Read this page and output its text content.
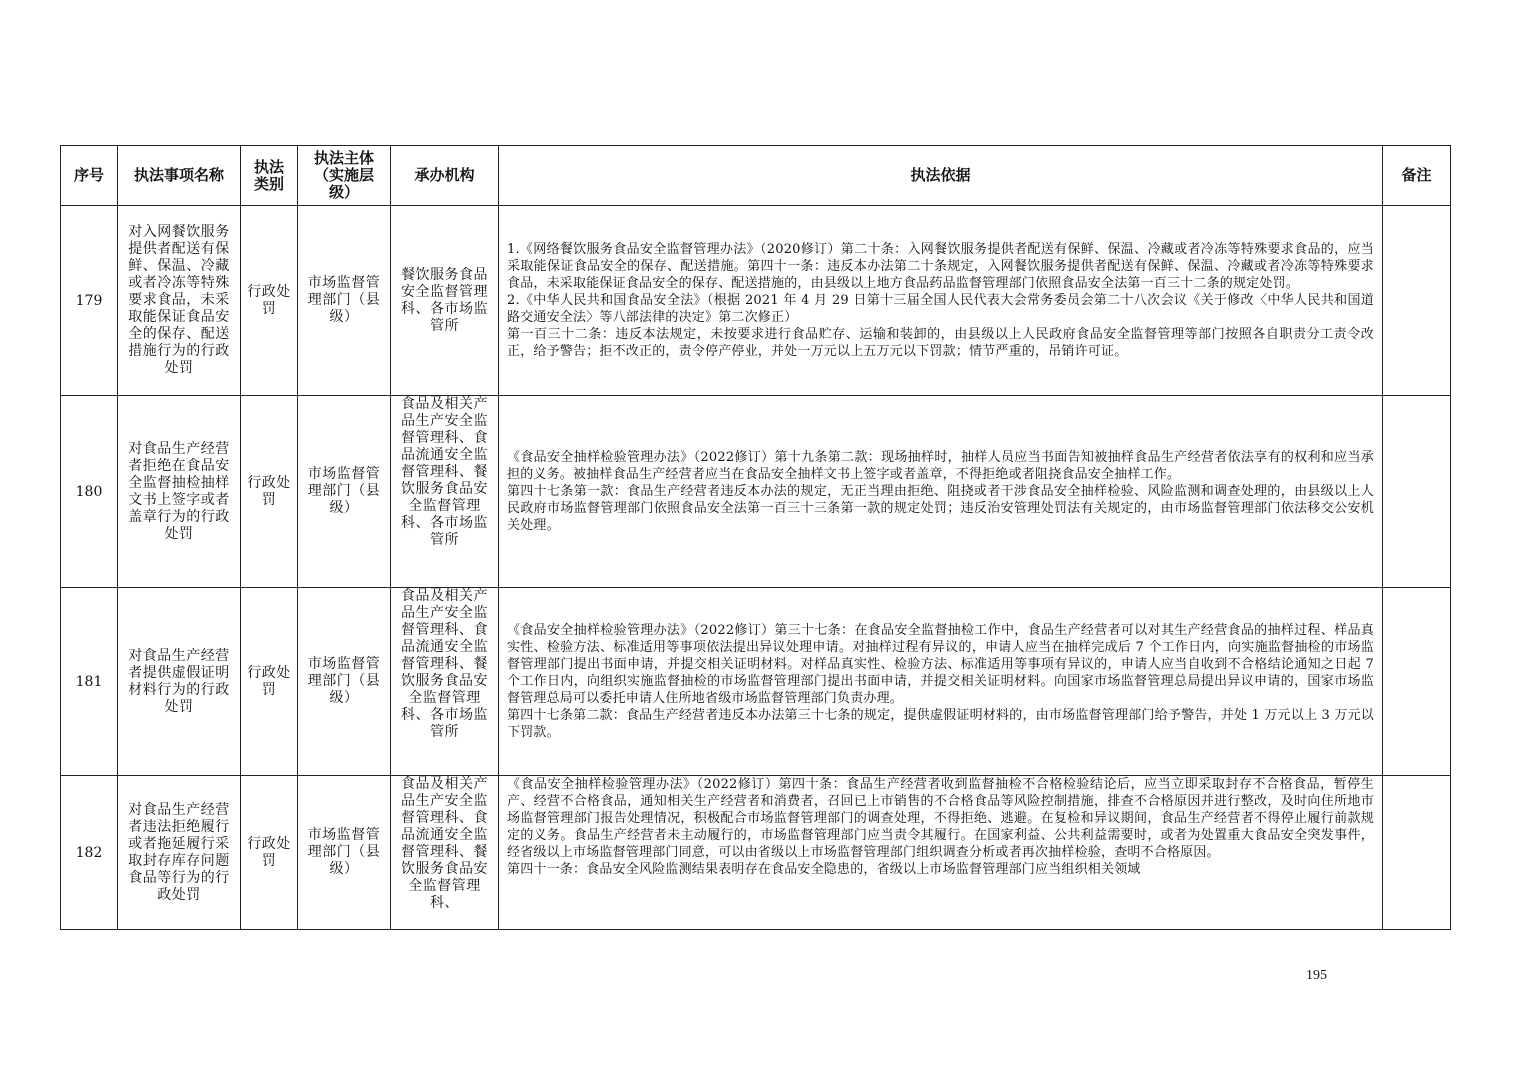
序号	执法事项名称	执法类别	执法主体（实施层级）	承办机构	执法依据	备注

179	对入网餐饮服务提供者配送有保鲜、保温、冷藏或者冷冻等特殊要求食品，未采取能保证食品安全的保存、配送措施行为的行政处罚	行政处罚	市场监督管理部门（县级）	餐饮服务食品安全监督管理科、各市场监管所	1.《网络餐饮服务食品安全监督管理办法》（2020修订）第二十条：入网餐饮服务提供者配送有保鲜、保温、冷藏或者冷冻等特殊要求食品的，应当采取能保证食品安全的保存、配送措施。第四十一条：违反本办法第二十条规定，入网餐饮服务提供者配送有保鲜、保温、冷藏或者冷冻等特殊要求食品，未采取能保证食品安全的保存、配送措施的，由县级以上地方食品药品监督管理部门依照食品安全法第一百三十二条的规定处罚。

2.《中华人民共和国食品安全法》（根据 2021 年 4 月 29 日第十三届全国人民代表大会常务委员会第二十八次会议《关于修改〈中华人民共和国道路交通安全法〉等八部法律的决定》第二次修正）

第一百三十二条：违反本法规定，未按要求进行食品贮存、运输和装卸的，由县级以上人民政府食品安全监督管理等部门按照各自职责分工责令改正，给予警告；拒不改正的，责令停产停业，并处一万元以上五万元以下罚款；情节严重的，吊销许可证。	

180	对食品生产经营者拒绝在食品安全监督抽检抽样文书上签字或者盖章行为的行政处罚	行政处罚	市场监督管理部门（县级）	食品及相关产品生产安全监督管理科、食品流通安全监督管理科、餐饮服务食品安全监督管理科、各市场监管所	《食品安全抽样检验管理办法》（2022修订）第十九条第二款：现场抽样时，抽样人员应当书面告知被抽样食品生产经营者依法享有的权利和应当承担的义务。被抽样食品生产经营者应当在食品安全抽样文书上签字或者盖章，不得拒绝或者阻挠食品安全抽样工作。

第四十七条第一款：食品生产经营者违反本办法的规定，无正当理由拒绝、阻挠或者干涉食品安全抽样检验、风险监测和调查处理的，由县级以上人民政府市场监督管理部门依照食品安全法第一百三十三条第一款的规定处罚；违反治安管理处罚法有关规定的，由市场监督管理部门依法移交公安机关处理。	

181	对食品生产经营者提供虚假证明材料行为的行政处罚	行政处罚	市场监督管理部门（县级）	食品及相关产品生产安全监督管理科、食品流通安全监督管理科、餐饮服务食品安全监督管理科、各市场监管所	《食品安全抽样检验管理办法》（2022修订）第三十七条：在食品安全监督抽检工作中，食品生产经营者可以对其生产经营食品的抽样过程、样品真实性、检验方法、标准适用等事项依法提出异议处理申请。对抽样过程有异议的，申请人应当在抽样完成后 7 个工作日内，向实施监督抽检的市场监督管理部门提出书面申请，并提交相关证明材料。对样品真实性、检验方法、标准适用等事项有异议的，申请人应当自收到不合格结论通知之日起 7 个工作日内，向组织实施监督抽检的市场监督管理部门提出书面申请，并提交相关证明材料。向国家市场监督管理总局提出异议申请的，国家市场监督管理总局可以委托申请人住所地省级市场监督管理部门负责办理。

第四十七条第二款：食品生产经营者违反本办法第三十七条的规定，提供虚假证明材料的，由市场监督管理部门给予警告，并处 1 万元以上 3 万元以下罚款。	

182	对食品生产经营者违法拒绝履行或者拖延履行采取封存库存问题食品等行为的行政处罚	行政处罚	市场监督管理部门（县级）	食品及相关产品生产安全监督管理科、食品流通安全监督管理科、餐饮服务食品安全监督管理科、	《食品安全抽样检验管理办法》（2022修订）第四十条：食品生产经营者收到监督抽检不合格检验结论后，应当立即采取封存不合格食品，暂停生产、经营不合格食品，通知相关生产经营者和消费者，召回已上市销售的不合格食品等风险控制措施，排查不合格原因并进行整改，及时向住所地市场监督管理部门报告处理情况，积极配合市场监督管理部门的调查处理，不得拒绝、逃避。在复检和异议期间，食品生产经营者不得停止履行前款规定的义务。食品生产经营者未主动履行的，市场监督管理部门应当责令其履行。在国家利益、公共利益需要时，或者为处置重大食品安全突发事件，经省级以上市场监督管理部门同意，可以由省级以上市场监督管理部门组织调查分析或者再次抽样检验，查明不合格原因。

第四十一条：食品安全风险监测结果表明存在食品安全隐患的，省级以上市场监督管理部门应当组织相关领域	

195
